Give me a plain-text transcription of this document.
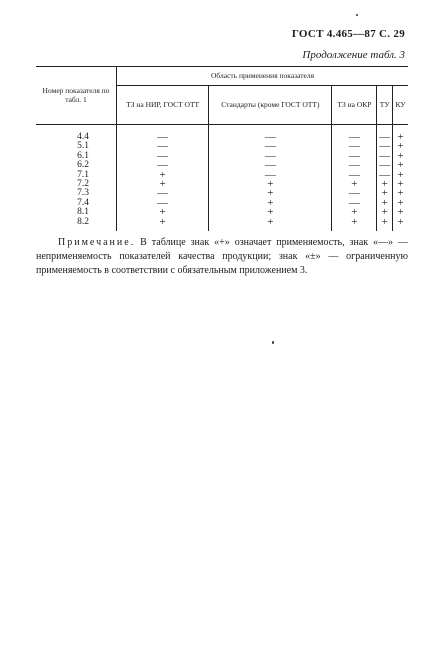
ГОСТ 4.465—87 С. 29
Продолжение табл. 3
Номер показателя по табл. 1	Область применения показателя				
	ТЗ на НИР, ГОСТ ОТТ	Стандарты (кроме ГОСТ ОТТ)	ТЗ на ОКР	ТУ	КУ
4.4	—	—	—	—	+
5.1	—	—	—	—	+
6.1	—	—	—	—	+
6.2	—	—	—	—	+
7.1	+	—	—	—	+
7.2	+	+	+	+	+
7.3	—	+	—	+	+
7.4	—	+	—	+	+
8.1	+	+	+	+	+
8.2	+	+	+	+	+
Примечание. В таблице знак «+» означает применяемость, знак «—» — неприменяемость показателей качества продукции; знак «±» — ограниченную применяемость в соответствии с обязательным приложением 3.
